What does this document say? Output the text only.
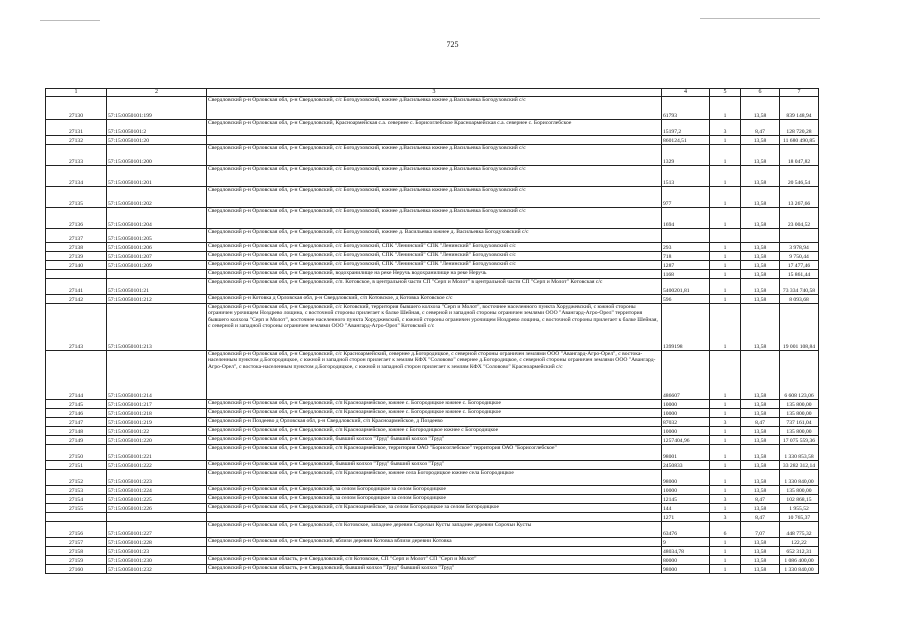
725
1	2	3	4	5	6	7
27130	57:15:0050101:199	Свердловский р-н Орловская обл, р-н Свердловский, с/с Богодуховский, южнее д.Васильевка южнее д.Васильевка Богодуховский с/с	61793	1	13,58	839 148,94
27131	57:15:0050101:2	Свердловский р-н Орловская обл, р-н Свердловский, Красноармейская с.а. севернее с. Борисоглебское Красноармейская с.а. севернее с. Борисоглебское	15197,2	3	8,47	128 720,28
27132	57:15:0050101:20		860124,51	1	13,58	11 680 490,85
27133	57:15:0050101:200	Свердловский р-н Орловская обл, р-н Свердловский, с/с Богодуховский, южнее д.Васильевка южнее д.Васильевка Богодуховский с/с	1329	1	13,58	18 047,82
27134	57:15:0050101:201	Свердловский р-н Орловская обл, р-н Свердловский, с/с Богодуховский, южнее д.Васильевка южнее д.Васильевка Богодуховский с/с	1513	1	13,58	20 546,54
27135	57:15:0050101:202	Свердловский р-н Орловская обл, р-н Свердловский, с/с Богодуховский, южнее д.Васильевка южнее д.Васильевка Богодуховский с/с	977	1	13,58	13 267,66
27136	57:15:0050101:204	Свердловский р-н Орловская обл, р-н Свердловский, с/с Богодуховский, южнее д.Васильевка южнее д.Васильевка Богодуховский с/с	1694	1	13,58	23 004,52
27137	57:15:0050101:205	Свердловский р-н Орловская обл, р-н Свердловский, с/с Богодуховский, южнее д. Васильевка южнее д. Васильевка Богодуховский с/с				
27138	57:15:0050101:206	Свердловский р-н Орловская обл, р-н Свердловский, с/с Богодуховский, СПК "Ленинский" СПК "Ленинский" Богодуховский с/с	293	1	13,58	3 978,94
27139	57:15:0050101:207	Свердловский р-н Орловская обл, р-н Свердловский, с/с Богодуховский, СПК "Ленинский" СПК "Ленинский" Богодуховский с/с	718	1	13,58	9 750,44
27140	57:15:0050101:209	Свердловский р-н Орловская обл, р-н Свердловский, с/с Богодуховский, СПК "Ленинский" СПК "Ленинский" Богодуховский с/с	1287	1	13,58	17 477,46
		Свердловский р-н Орловская обл, р-н Свердловский, водохранилище на реке Неручь водохранилище на реке Неручь	1168	1	13,58	15 861,44
27141	57:15:0050101:21	Свердловский р-н Орловская обл, р-н Свердловский, с/п. Котовское, в центральной части СП "Серп и Молот" в центральной части СП "Серп и Молот" Котовская с/с	5400201,81	1	13,58	73 334 740,58
27142	57:15:0050101:212	Свердловский р-н Котовка д Орловская обл, р-н Свердловский, с/п Котовское, д Котовка Котовское с/с	596	1	13,58	8 093,68
27143	57:15:0050101:213	Свердловский р-н Орловская обл, р-н Свердловский, с/с Котовский, территория бывшего колхоза "Серп и Молот", восточнее населенного пункта Хоруджевский, с южной стороны ограничен урочищем Ноздрево лощина, с восточной стороны прилегает к балке Шейная, с северной и западной стороны ограничен землями ООО "Авангард-Агро-Орел" территория бывшего колхоза "Серп и Молот", восточнее населенного пункта Хоруджевский, с южной стороны ограничен урочищем Ноздрево лощина, с восточной стороны прилегает к балке Шейная, с северной и западной стороны ограничен землями ООО "Авангард-Агро-Орел" Котовский с/с	1399198	1	13,58	19 001 108,84
27144	57:15:0050101:214	Свердловский р-н Орловская обл, р-н Свердловский, с/с Красноармейский, севернее д.Богородицкое, с северной стороны ограничен землями ООО "Авангард-Агро-Орел", с востока-населенным пунктом д.Богородицкое, с южной и западной сторон прилегает к землям КФХ "Соловово" севернее д.Богородицкое, с северной стороны ограничен землями ООО "Авангард-Агро-Орел", с востока-населенным пунктом д.Богородицкое, с южной и западной сторон прилегает к землям КФХ "Соловово" Красноармейский с/с	486607	1	13,58	6 608 123,06
27145	57:15:0050101:217	Свердловский р-н Орловская обл, р-н Свердловский, с/п Красноармейское, южнее с. Богородицкое южнее с. Богородицкое	10000	1	13,58	135 800,00
27146	57:15:0050101:218	Свердловский р-н Орловская обл, р-н Свердловский, с/п Красноармейское, южнее с. Богородицкое южнее с. Богородицкое	10000	1	13,58	135 800,00
27147	57:15:0050101:219	Свердловский р-н Поздеево д Орловская обл, р-н Свердловский, с/п Красноармейское, д Поздеево	87032	3	8,47	737 161,04
27148	57:15:0050101:22	Свердловский р-н Орловская обл, р-н Свердловский, с/п Красноармейское, южнее с Богородицкое южнее с Богородицкое	10000	1	13,58	135 800,00
27149	57:15:0050101:220	Свердловский р-н Орловская обл, р-н Свердловский, бывший колхоз "Труд" бывший колхоз "Труд"	1257404,96	1	13,58	17 075 559,36
27150	57:15:0050101:221	Свердловский р-н Орловская обл, р-н Свердловский, с/п Красноармейское, территория ОАО "Борисоглебское" территория ОАО "Борисоглебское"	98001	1	13,58	1 330 853,58
27151	57:15:0050101:222	Свердловский р-н Орловская обл, р-н Свердловский, бывший колхоз "Труд" бывший колхоз "Труд"	2450833	1	13,58	33 282 312,14
27152	57:15:0050101:223	Свердловский р-н Орловская обл, р-н Свердловский, с/п Красноармейское, южнее села Богородицкое южнее села Богородицкое	98000	1	13,58	1 330 840,00
27153	57:15:0050101:224	Свердловский р-н Орловская обл, р-н Свердловский, за селом Богородицкое за селом Богородицкое	10000	1	13,58	135 800,00
27154	57:15:0050101:225	Свердловский р-н Орловская обл, р-н Свердловский, за селом Богородицкое за селом Богородицкое	12145	3	8,47	102 868,15
27155	57:15:0050101:226	Свердловский р-н Орловская обл, р-н Свердловский, с/п Красноармейское, за селом Богородицкое за селом Богородицкое	144	1	13,58	1 955,52
			1271	3	8,47	10 765,37
27156	57:15:0050101:227	Свердловский р-н Орловская обл, р-н Свердловский, с/п Котовское, западнее деревни Сорочьи Кусты западнее деревни Сорочьи Кусты	63476	6	7,07	448 775,32
27157	57:15:0050101:228	Свердловский р-н Орловская обл, р-н Свердловский, вблизи деревни Котовка вблизи деревни Котовка	9	1	13,58	122,22
27158	57:15:0050101:23		48034,78	1	13,58	652 312,31
27159	57:15:0050101:230	Свердловский р-н Орловская область, р-н Свердловский, с/п Котовское, СП "Серп и Молот" СП "Серп и Молот"	80000	1	13,58	1 086 400,00
27160	57:15:0050101:232	Свердловский р-н Орловская область, р-н Свердловский, бывший колхоз "Труд" бывший колхоз "Труд"	98000	1	13,58	1 330 840,00
